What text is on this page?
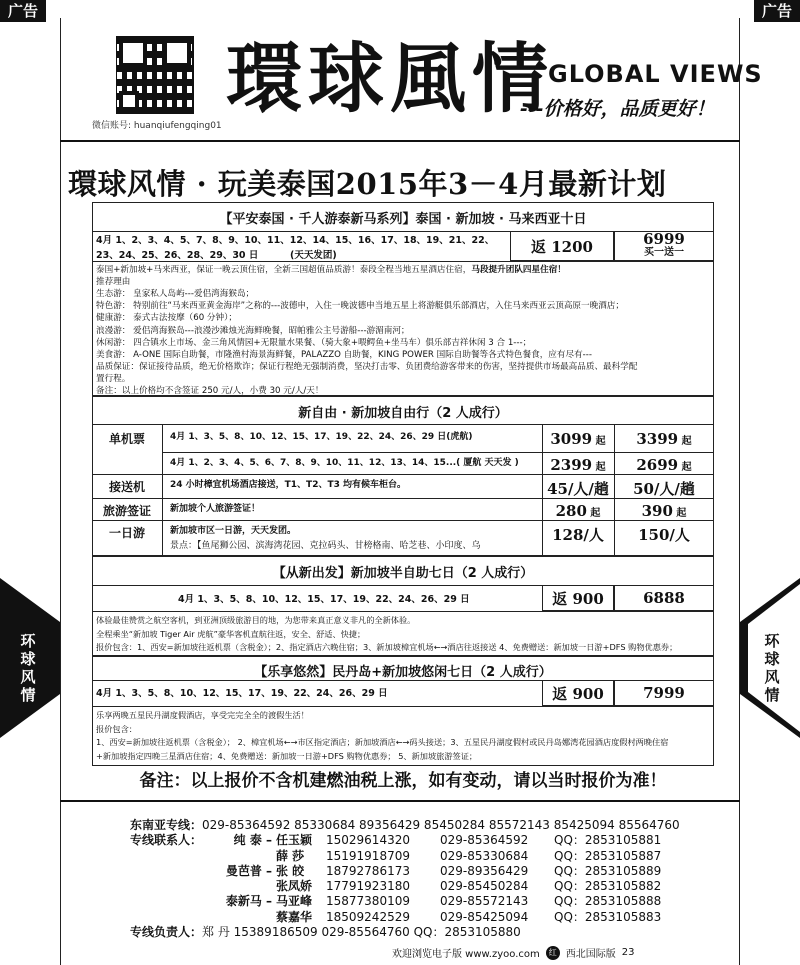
广告	广告
微信账号: huanqiufengqing01
環球風情
GLOBAL VIEWS
---价格好，品质更好！
環球风情 · 玩美泰国2015年3－4月最新计划
【平安泰国 · 千人游泰新马系列】泰国 · 新加坡 · 马来西亚十日
4月 1、2、3、4、5、7、8、9、10、11、12、14、15、16、17、18、19、21、22、
23、24、25、26、28、29、30 日	(天天发团)	返 1200	6999
买一送一
泰国+新加坡+马来西亚，保证一晚云顶住宿，全新三国超值品质游！泰段全程当地五星酒店住宿，马段提升团队四星住宿！
推荐理由
生态游： 皇家私人岛屿---爱侣湾海猴岛；
特色游： 特别前往“马来西亚黄金海岸”之称的---波德申，入住一晚波德申当地五星上将游艇俱乐部酒店，入住马来西亚云顶高原一晚酒店；
健康游： 泰式古法按摩（60 分钟）；
浪漫游： 爱侣湾海猴岛---浪漫沙滩烛光海鲜晚餐，昭帕雅公主号游船---游湄南河；
休闲游： 四合镇水上市场、金三角风情园+无限量水果餐、（骑大象+喂鳄鱼+坐马车）俱乐部吉祥休闲 3 合 1---；
美食游： A-ONE 国际自助餐，市隆渔村海景海鲜餐，PALAZZO 自助餐，KING POWER 国际自助餐等各式特色餐食，应有尽有---
品质保证：保证接待品质，绝无价格欺诈；保证行程绝无强制消费，坚决打击零、负团费给游客带来的伤害，坚持提供市场最高品质、最科学配
置行程。
备注：以上价格均不含签证 250 元/人，小费 30 元/人/天！
新自由 · 新加坡自由行（2 人成行）
单机票	4月 1、3、5、8、10、12、15、17、19、22、24、26、29 日(虎航)	3099 起	3399 起
4月 1、2、3、4、5、6、7、8、9、10、11、12、13、14、15...( 厦航 天天发 )	2399 起	2699 起
接送机	24 小时樟宜机场酒店接送，T1、T2、T3 均有候车柜台。	45/人/趟	50/人/趟
旅游签证	新加坡个人旅游签证！	280 起	390 起
一日游	新加坡市区一日游，天天发团。
景点：【鱼尾狮公园、滨海湾花园、克拉码头、甘榜格南、哈芝巷、小印度、乌
128/人	150/人
【从新出发】新加坡半自助七日（2 人成行）
4月 1、3、5、8、10、12、15、17、19、22、24、26、29 日	返 900	6888
体验最佳赞赏之航空客机，到亚洲顶级旅游目的地，为您带来真正意义非凡的全新体验。
全程乘坐“新加坡 Tiger Air 虎航”豪华客机直航往返，安全、舒适、快捷；
报价包含：1、西安=新加坡往返机票（含税金）；2、指定酒店六晚住宿；3、新加坡樟宜机场←→酒店往返接送 4、免费赠送：新加坡一日游+DFS 购物优惠券；
【乐享悠然】民丹岛+新加坡悠闲七日（2 人成行）
4月 1、3、5、8、10、12、15、17、19、22、24、26、29 日	返 900	7999
乐享两晚五星民丹湖度假酒店，享受完完全全的渡假生活！
报价包含：
1、西安=新加坡往返机票（含税金）； 2、樟宜机场←→市区指定酒店；新加坡酒店←→码头接送；3、五星民丹湖度假村或民丹岛娜湾花园酒店度假村两晚住宿
+新加坡指定四晚三星酒店住宿；4、免费赠送：新加坡一日游+DFS 购物优惠券； 5、新加坡旅游签证；
备注：以上报价不含机建燃油税上涨，如有变动，请以当时报价为准！
东南亚专线：029-85364592 85330684 89356429 85450284 85572143 85425094 85564760
专线联系人：	纯 泰 – 任玉颖 15029614320	029-85364592 QQ：2853105881
薛 莎 15191918709	029-85330684 QQ：2853105887
曼芭普 – 张 皎 18792786173	029-89356429 QQ：2853105889
张凤娇 17791923180	029-85450284 QQ：2853105882
泰新马 – 马亚峰 15877380109	029-85572143 QQ：2853105888
蔡嘉华 18509242529	029-85425094 QQ：2853105883
专线负责人：郑 丹 15389186509 029-85564760 QQ：2853105880
欢迎浏览电子版 www.zyoo.com	红 西北国际版 23
环球风情
环球风情
